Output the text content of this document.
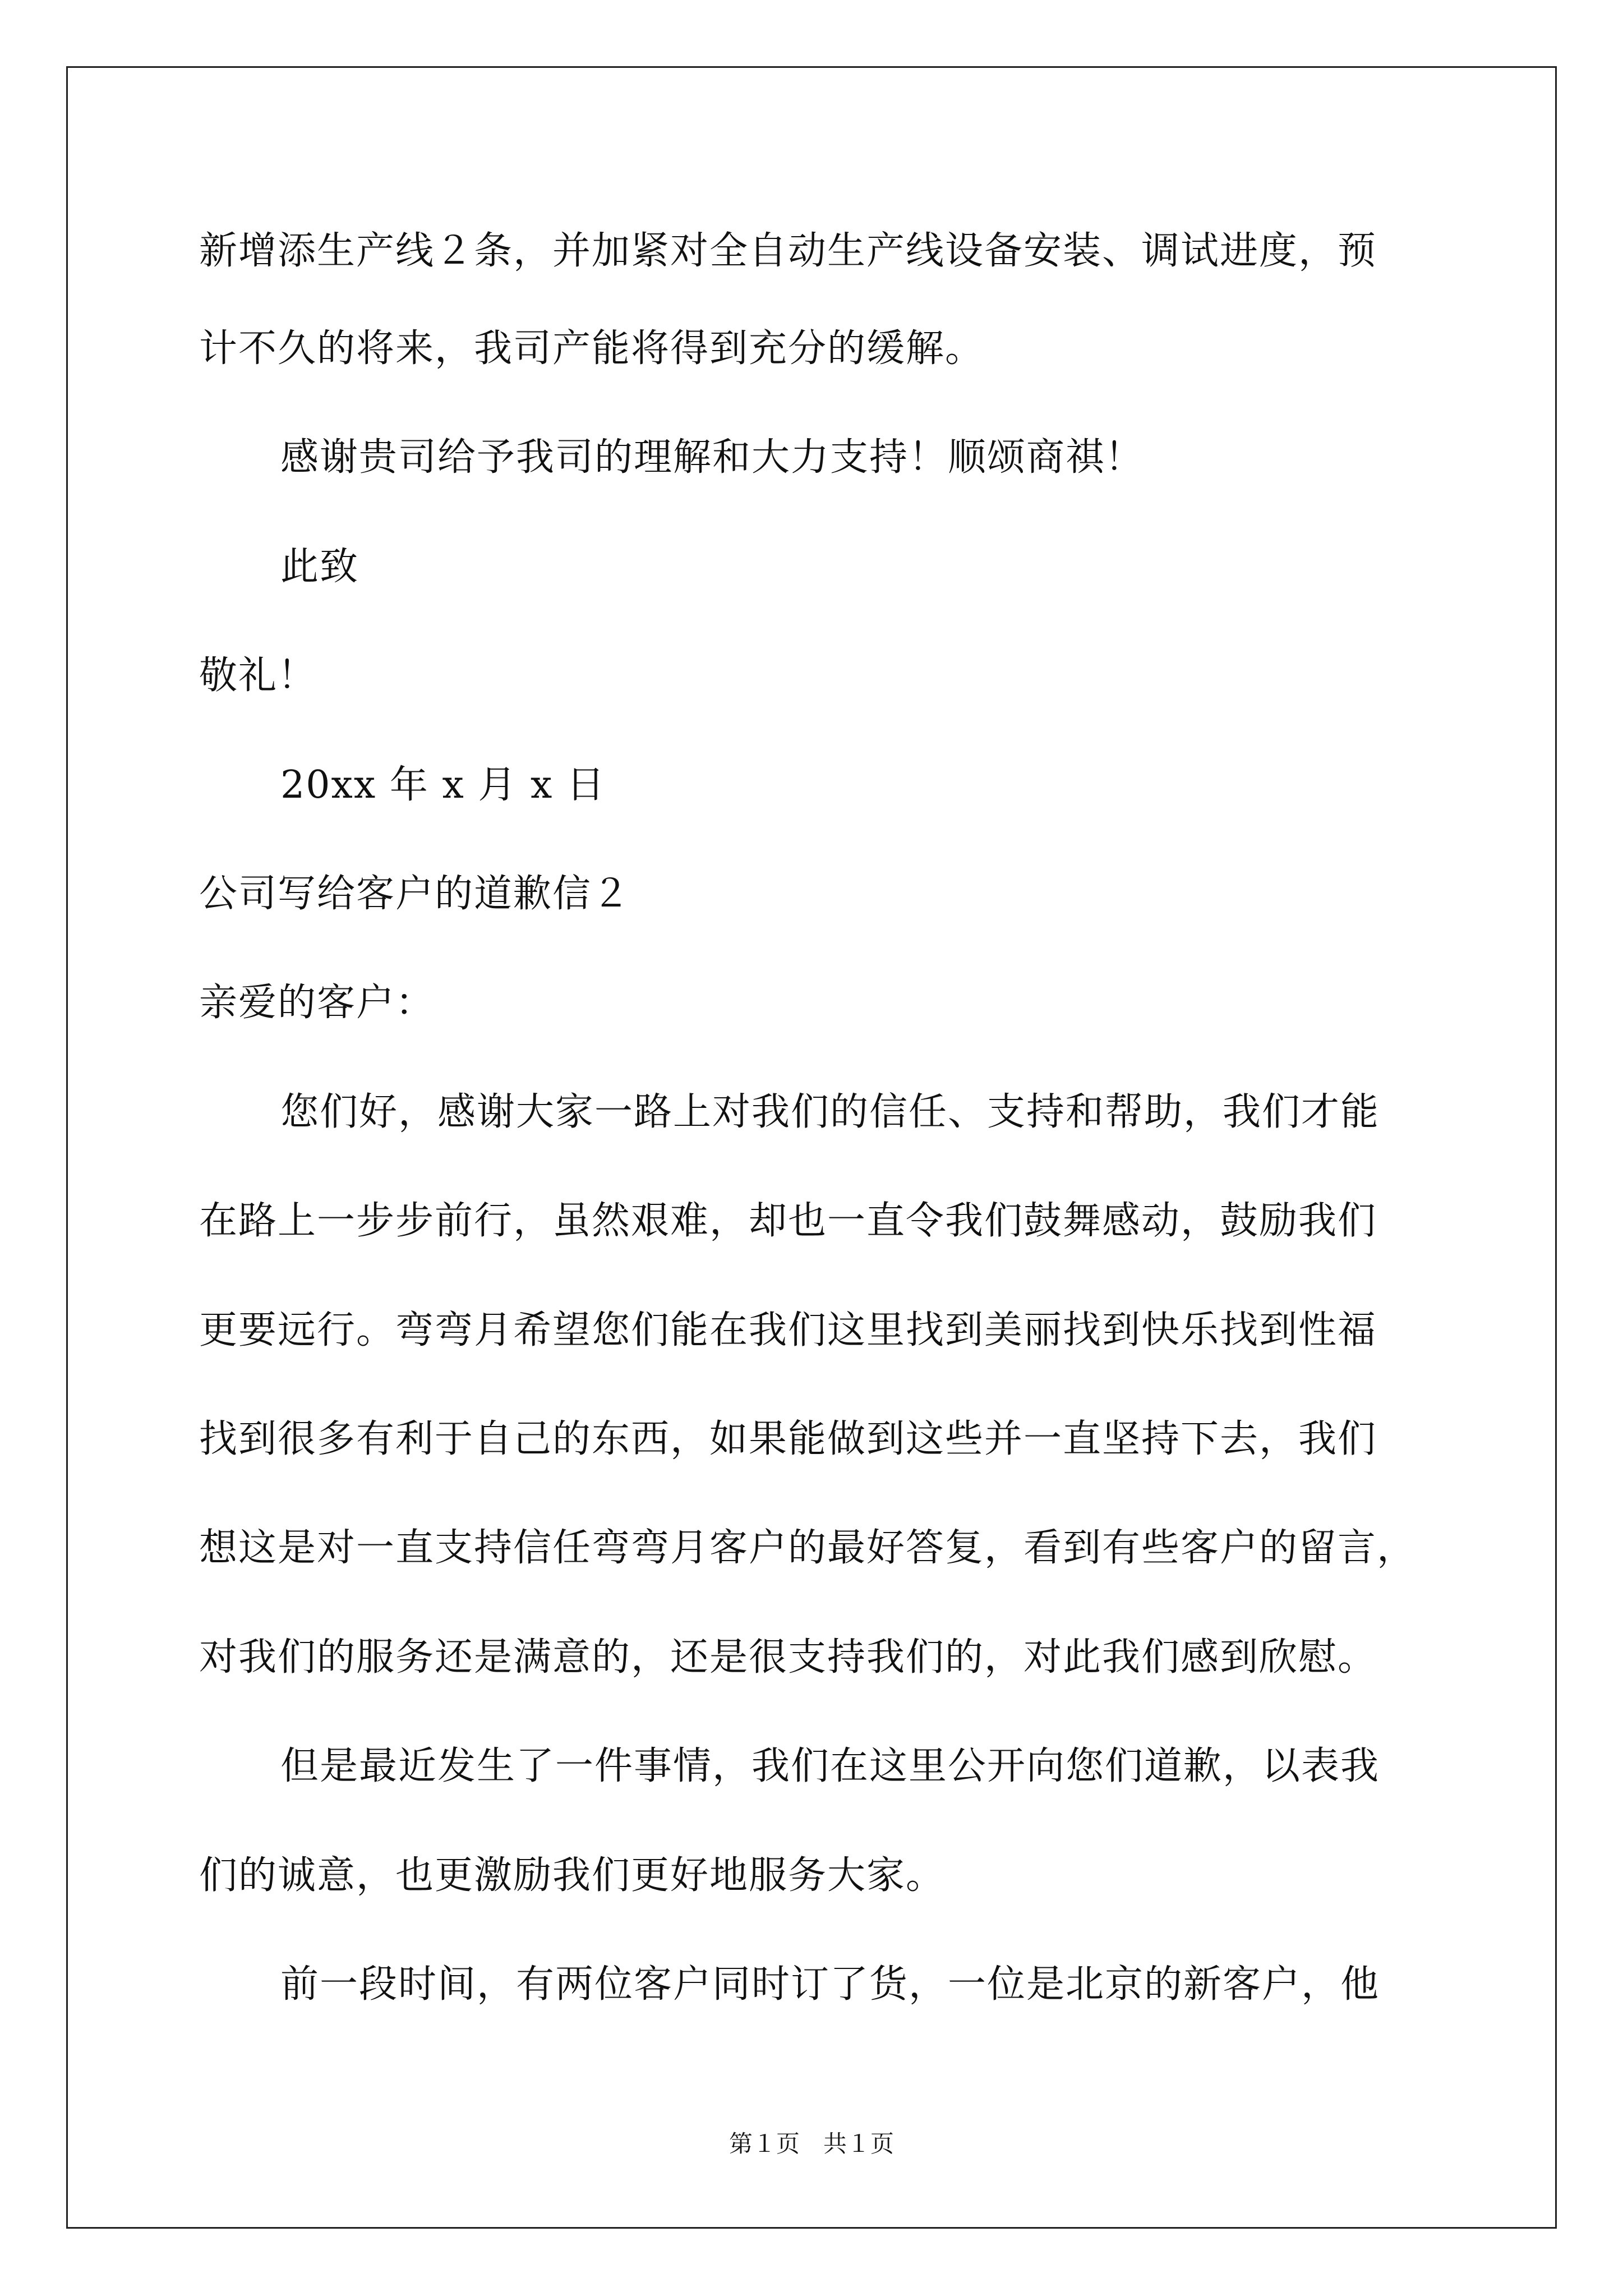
新增添生产线２条，并加紧对全自动生产线设备安装、调试进度，预
计不久的将来，我司产能将得到充分的缓解。
感谢贵司给予我司的理解和大力支持！顺颂商祺！
此致
敬礼！
20xx 年 x 月 x 日
公司写给客户的道歉信２
亲爱的客户：
您们好，感谢大家一路上对我们的信任、支持和帮助，我们才能
在路上一步步前行，虽然艰难，却也一直令我们鼓舞感动，鼓励我们
更要远行。弯弯月希望您们能在我们这里找到美丽找到快乐找到性福
找到很多有利于自己的东西，如果能做到这些并一直坚持下去，我们
想这是对一直支持信任弯弯月客户的最好答复，看到有些客户的留言，
对我们的服务还是满意的，还是很支持我们的，对此我们感到欣慰。
但是最近发生了一件事情，我们在这里公开向您们道歉，以表我
们的诚意，也更激励我们更好地服务大家。
前一段时间，有两位客户同时订了货，一位是北京的新客户，他
第１页　共１页
